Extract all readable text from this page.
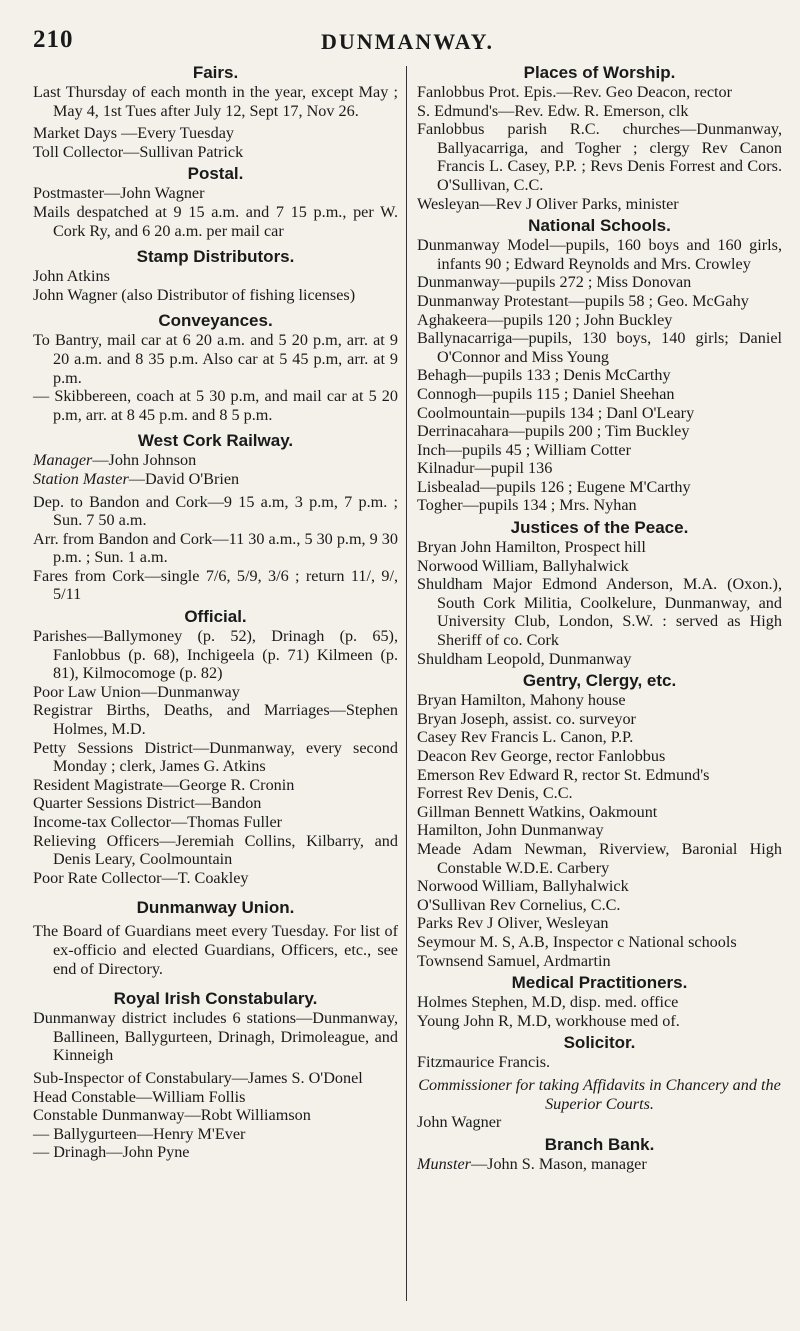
210	DUNMANWAY.
Fairs.
Last Thursday of each month in the year, except May ; May 4, 1st Tues after July 12, Sept 17, Nov 26.
Market Days —Every Tuesday
Toll Collector—Sullivan Patrick
Postal.
Postmaster—John Wagner
Mails despatched at 9 15 a.m. and 7 15 p.m., per W. Cork Ry, and 6 20 a.m. per mail car
Stamp Distributors.
John Atkins
John Wagner (also Distributor of fishing licenses)
Conveyances.
To Bantry, mail car at 6 20 a.m. and 5 20 p.m, arr. at 9 20 a.m. and 8 35 p.m. Also car at 5 45 p.m, arr. at 9 p.m.
— Skibbereen, coach at 5 30 p.m, and mail car at 5 20 p.m, arr. at 8 45 p.m. and 8 5 p.m.
West Cork Railway.
Manager—John Johnson
Station Master—David O'Brien
Dep. to Bandon and Cork—9 15 a.m, 3 p.m, 7 p.m. ; Sun. 7 50 a.m.
Arr. from Bandon and Cork—11 30 a.m., 5 30 p.m, 9 30 p.m. ; Sun. 1 a.m.
Fares from Cork—single 7/6, 5/9, 3/6 ; return 11/, 9/, 5/11
Official.
Parishes—Ballymoney (p. 52), Drinagh (p. 65), Fanlobbus (p. 68), Inchigeela (p. 71) Kilmeen (p. 81), Kilmocomoge (p. 82)
Poor Law Union—Dunmanway
Registrar Births, Deaths, and Marriages—Stephen Holmes, M.D.
Petty Sessions District—Dunmanway, every second Monday ; clerk, James G. Atkins
Resident Magistrate—George R. Cronin
Quarter Sessions District—Bandon
Income-tax Collector—Thomas Fuller
Relieving Officers—Jeremiah Collins, Kilbarry, and Denis Leary, Coolmountain
Poor Rate Collector—T. Coakley
Dunmanway Union.
The Board of Guardians meet every Tuesday. For list of ex-officio and elected Guardians, Officers, etc., see end of Directory.
Royal Irish Constabulary.
Dunmanway district includes 6 stations—Dunmanway, Ballineen, Ballygurteen, Drinagh, Drimoleague, and Kinneigh
Sub-Inspector of Constabulary—James S. O'Donel
Head Constable—William Follis
Constable Dunmanway—Robt Williamson
— Ballygurteen—Henry M'Ever
— Drinagh—John Pyne
Places of Worship.
Fanlobbus Prot. Epis.—Rev. Geo Deacon, rector
S. Edmund's—Rev. Edw. R. Emerson, clk
Fanlobbus parish R.C. churches—Dunmanway, Ballyacarriga, and Togher ; clergy Rev Canon Francis L. Casey, P.P. ; Revs Denis Forrest and Cors. O'Sullivan, C.C.
Wesleyan—Rev J Oliver Parks, minister
National Schools.
Dunmanway Model—pupils, 160 boys and 160 girls, infants 90 ; Edward Reynolds and Mrs. Crowley
Dunmanway—pupils 272 ; Miss Donovan
Dunmanway Protestant—pupils 58 ; Geo. McGahy
Aghakeera—pupils 120 ; John Buckley
Ballynacarriga—pupils, 130 boys, 140 girls; Daniel O'Connor and Miss Young
Behagh—pupils 133 ; Denis McCarthy
Connogh—pupils 115 ; Daniel Sheehan
Coolmountain—pupils 134 ; Danl O'Leary
Derrinacahara—pupils 200 ; Tim Buckley
Inch—pupils 45 ; William Cotter
Kilnadur—pupil 136
Lisbealad—pupils 126 ; Eugene M'Carthy
Togher—pupils 134 ; Mrs. Nyhan
Justices of the Peace.
Bryan John Hamilton, Prospect hill
Norwood William, Ballyhalwick
Shuldham Major Edmond Anderson, M.A. (Oxon.), South Cork Militia, Coolkelure, Dunmanway, and University Club, London, S.W. : served as High Sheriff of co. Cork
Shuldham Leopold, Dunmanway
Gentry, Clergy, etc.
Bryan Hamilton, Mahony house
Bryan Joseph, assist. co. surveyor
Casey Rev Francis L. Canon, P.P.
Deacon Rev George, rector Fanlobbus
Emerson Rev Edward R, rector St. Edmund's
Forrest Rev Denis, C.C.
Gillman Bennett Watkins, Oakmount
Hamilton, John Dunmanway
Meade Adam Newman, Riverview, Baronial High Constable W.D.E. Carbery
Norwood William, Ballyhalwick
O'Sullivan Rev Cornelius, C.C.
Parks Rev J Oliver, Wesleyan
Seymour M. S, A.B, Inspector c National schools
Townsend Samuel, Ardmartin
Medical Practitioners.
Holmes Stephen, M.D, disp. med. office
Young John R, M.D, workhouse med of.
Solicitor.
Fitzmaurice Francis.
Commissioner for taking Affidavits in Chancery and the Superior Courts.
John Wagner
Branch Bank.
Munster—John S. Mason, manager
